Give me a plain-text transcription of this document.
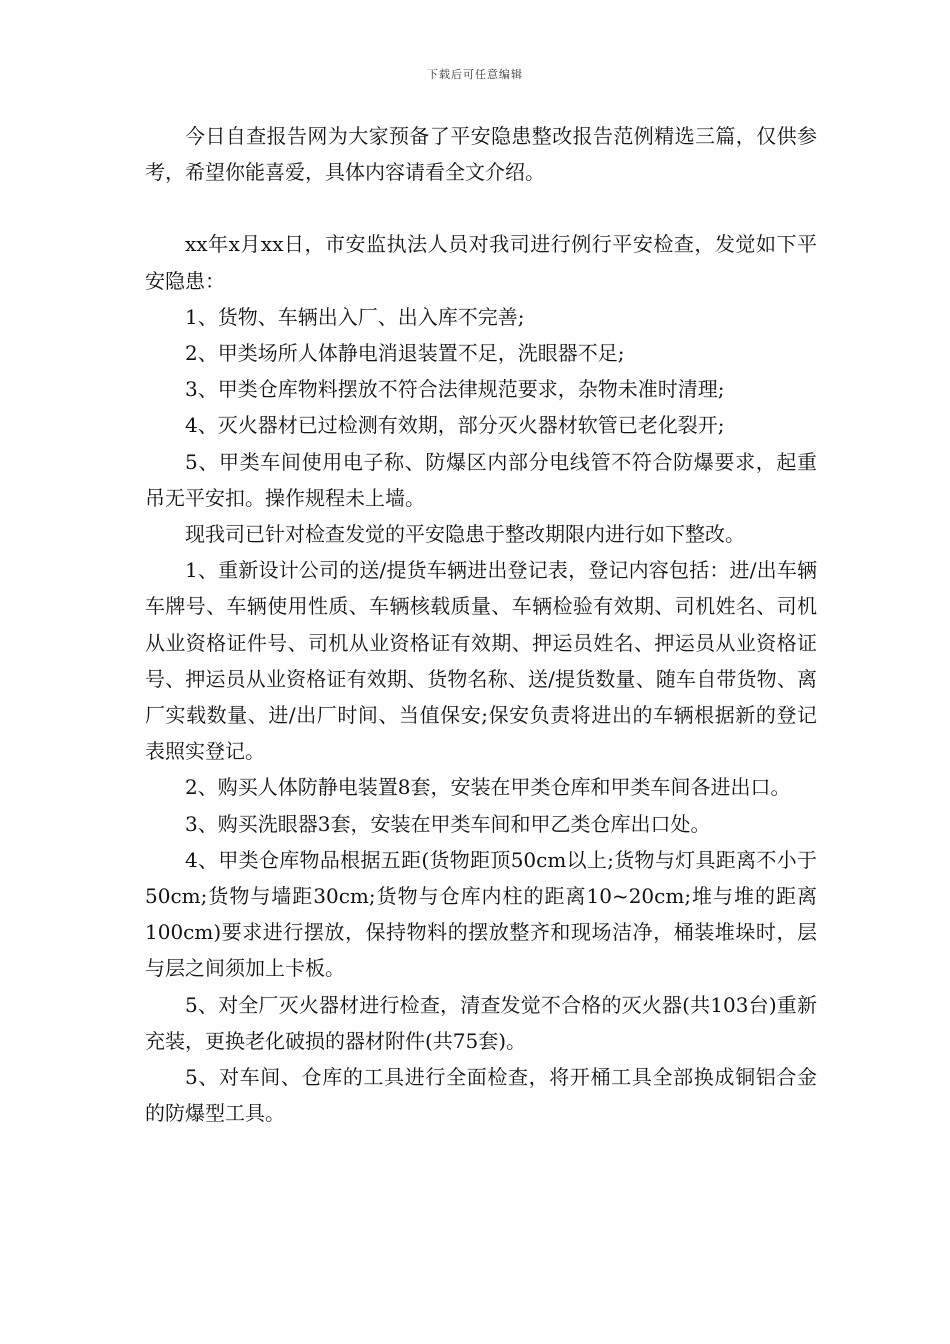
下载后可任意编辑

今日自查报告网为大家预备了平安隐患整改报告范例精选三篇，仅供参考，希望你能喜爱，具体内容请看全文介绍。

xx年x月xx日，市安监执法人员对我司进行例行平安检查，发觉如下平安隐患：

1、货物、车辆出入厂、出入库不完善;

2、甲类场所人体静电消退装置不足，洗眼器不足;

3、甲类仓库物料摆放不符合法律规范要求，杂物未准时清理;

4、灭火器材已过检测有效期，部分灭火器材软管已老化裂开;

5、甲类车间使用电子称、防爆区内部分电线管不符合防爆要求，起重吊无平安扣。操作规程未上墙。

现我司已针对检查发觉的平安隐患于整改期限内进行如下整改。

1、重新设计公司的送/提货车辆进出登记表，登记内容包括：进/出车辆车牌号、车辆使用性质、车辆核载质量、车辆检验有效期、司机姓名、司机从业资格证件号、司机从业资格证有效期、押运员姓名、押运员从业资格证号、押运员从业资格证有效期、货物名称、送/提货数量、随车自带货物、离厂实载数量、进/出厂时间、当值保安;保安负责将进出的车辆根据新的登记表照实登记。

2、购买人体防静电装置8套，安装在甲类仓库和甲类车间各进出口。

3、购买洗眼器3套，安装在甲类车间和甲乙类仓库出口处。

4、甲类仓库物品根据五距(货物距顶50cm以上;货物与灯具距离不小于50cm;货物与墙距30cm;货物与仓库内柱的距离10~20cm;堆与堆的距离100cm)要求进行摆放，保持物料的摆放整齐和现场洁净，桶装堆垛时，层与层之间须加上卡板。

5、对全厂灭火器材进行检查，清查发觉不合格的灭火器(共103台)重新充装，更换老化破损的器材附件(共75套)。

5、对车间、仓库的工具进行全面检查，将开桶工具全部换成铜铝合金的防爆型工具。
